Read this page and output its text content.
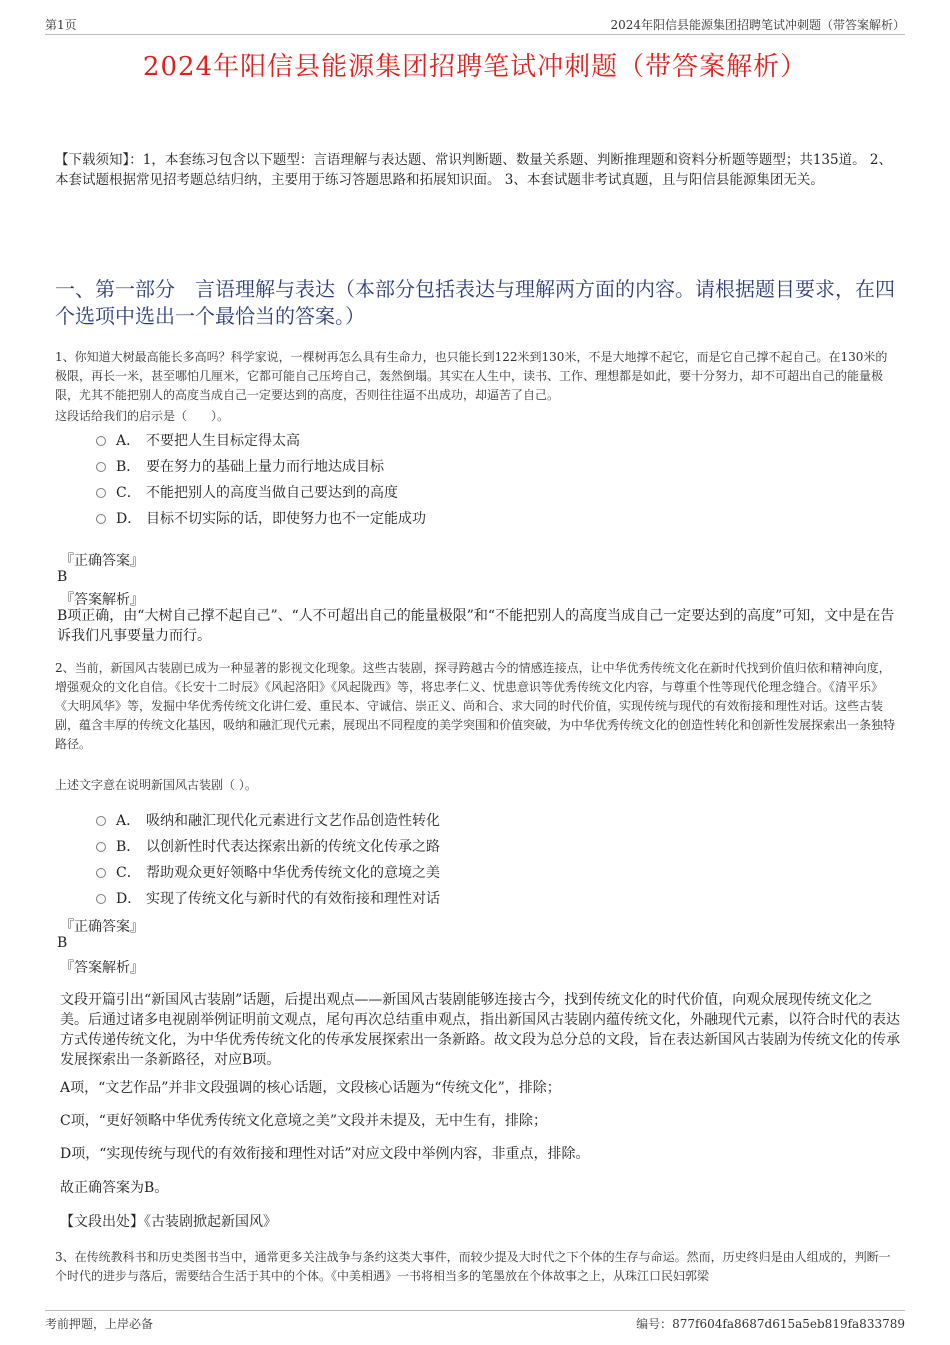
第1页	2024年阳信县能源集团招聘笔试冲刺题（带答案解析）
2024年阳信县能源集团招聘笔试冲刺题（带答案解析）
【下载须知】：1，本套练习包含以下题型：言语理解与表达题、常识判断题、数量关系题、判断推理题和资料分析题等题型；共135道。 2、本套试题根据常见招考题总结归纳，主要用于练习答题思路和拓展知识面。 3、本套试题非考试真题，且与阳信县能源集团无关。
一、第一部分　言语理解与表达（本部分包括表达与理解两方面的内容。请根据题目要求，在四个选项中选出一个最恰当的答案。）
1、你知道大树最高能长多高吗？科学家说，一棵树再怎么具有生命力，也只能长到122米到130米，不是大地撑不起它，而是它自己撑不起自己。在130米的极限，再长一米，甚至哪怕几厘米，它都可能自己压垮自己，轰然倒塌。其实在人生中，读书、工作、理想都是如此，要十分努力，却不可超出自己的能量极限，尤其不能把别人的高度当成自己一定要达到的高度，否则往往逼不出成功，却逼苦了自己。
这段话给我们的启示是（　　）。
A． 不要把人生目标定得太高
B． 要在努力的基础上量力而行地达成目标
C． 不能把别人的高度当做自己要达到的高度
D． 目标不切实际的话，即使努力也不一定能成功
『正确答案』
B
『答案解析』
B项正确，由“大树自己撑不起自己”、“人不可超出自己的能量极限”和“不能把别人的高度当成自己一定要达到的高度”可知，文中是在告诉我们凡事要量力而行。
2、当前，新国风古装剧已成为一种显著的影视文化现象。这些古装剧，探寻跨越古今的情感连接点，让中华优秀传统文化在新时代找到价值归依和精神向度，增强观众的文化自信。《长安十二时辰》《风起洛阳》《风起陇西》等，将忠孝仁义、忧患意识等优秀传统文化内容，与尊重个性等现代伦理念缝合。《清平乐》《大明风华》等，发掘中华优秀传统文化讲仁爱、重民本、守诚信、崇正义、尚和合、求大同的时代价值，实现传统与现代的有效衔接和理性对话。这些古装剧，蕴含丰厚的传统文化基因，吸纳和融汇现代元素，展现出不同程度的美学突围和价值突破，为中华优秀传统文化的创造性转化和创新性发展探索出一条独特路径。
上述文字意在说明新国风古装剧（ ）。
A． 吸纳和融汇现代化元素进行文艺作品创造性转化
B． 以创新性时代表达探索出新的传统文化传承之路
C． 帮助观众更好领略中华优秀传统文化的意境之美
D． 实现了传统文化与新时代的有效衔接和理性对话
『正确答案』
B
『答案解析』
文段开篇引出“新国风古装剧”话题，后提出观点——新国风古装剧能够连接古今，找到传统文化的时代价值，向观众展现传统文化之美。后通过诸多电视剧举例证明前文观点，尾句再次总结重申观点，指出新国风古装剧内蕴传统文化，外融现代元素，以符合时代的表达方式传递传统文化，为中华优秀传统文化的传承发展探索出一条新路。故文段为总分总的文段，旨在表达新国风古装剧为传统文化的传承发展探索出一条新路径，对应B项。
A项，“文艺作品”并非文段强调的核心话题，文段核心话题为“传统文化”，排除；
C项，“更好领略中华优秀传统文化意境之美”文段并未提及，无中生有，排除；
D项，“实现传统与现代的有效衔接和理性对话”对应文段中举例内容，非重点，排除。
故正确答案为B。
【文段出处】《古装剧掀起新国风》
3、在传统教科书和历史类图书当中，通常更多关注战争与条约这类大事件，而较少提及大时代之下个体的生存与命运。然而，历史终归是由人组成的，判断一个时代的进步与落后，需要结合生活于其中的个体。《中美相遇》一书将相当多的笔墨放在个体故事之上，从珠江口民妇郭梁
考前押题，上岸必备	编号：877f604fa8687d615a5eb819fa833789
